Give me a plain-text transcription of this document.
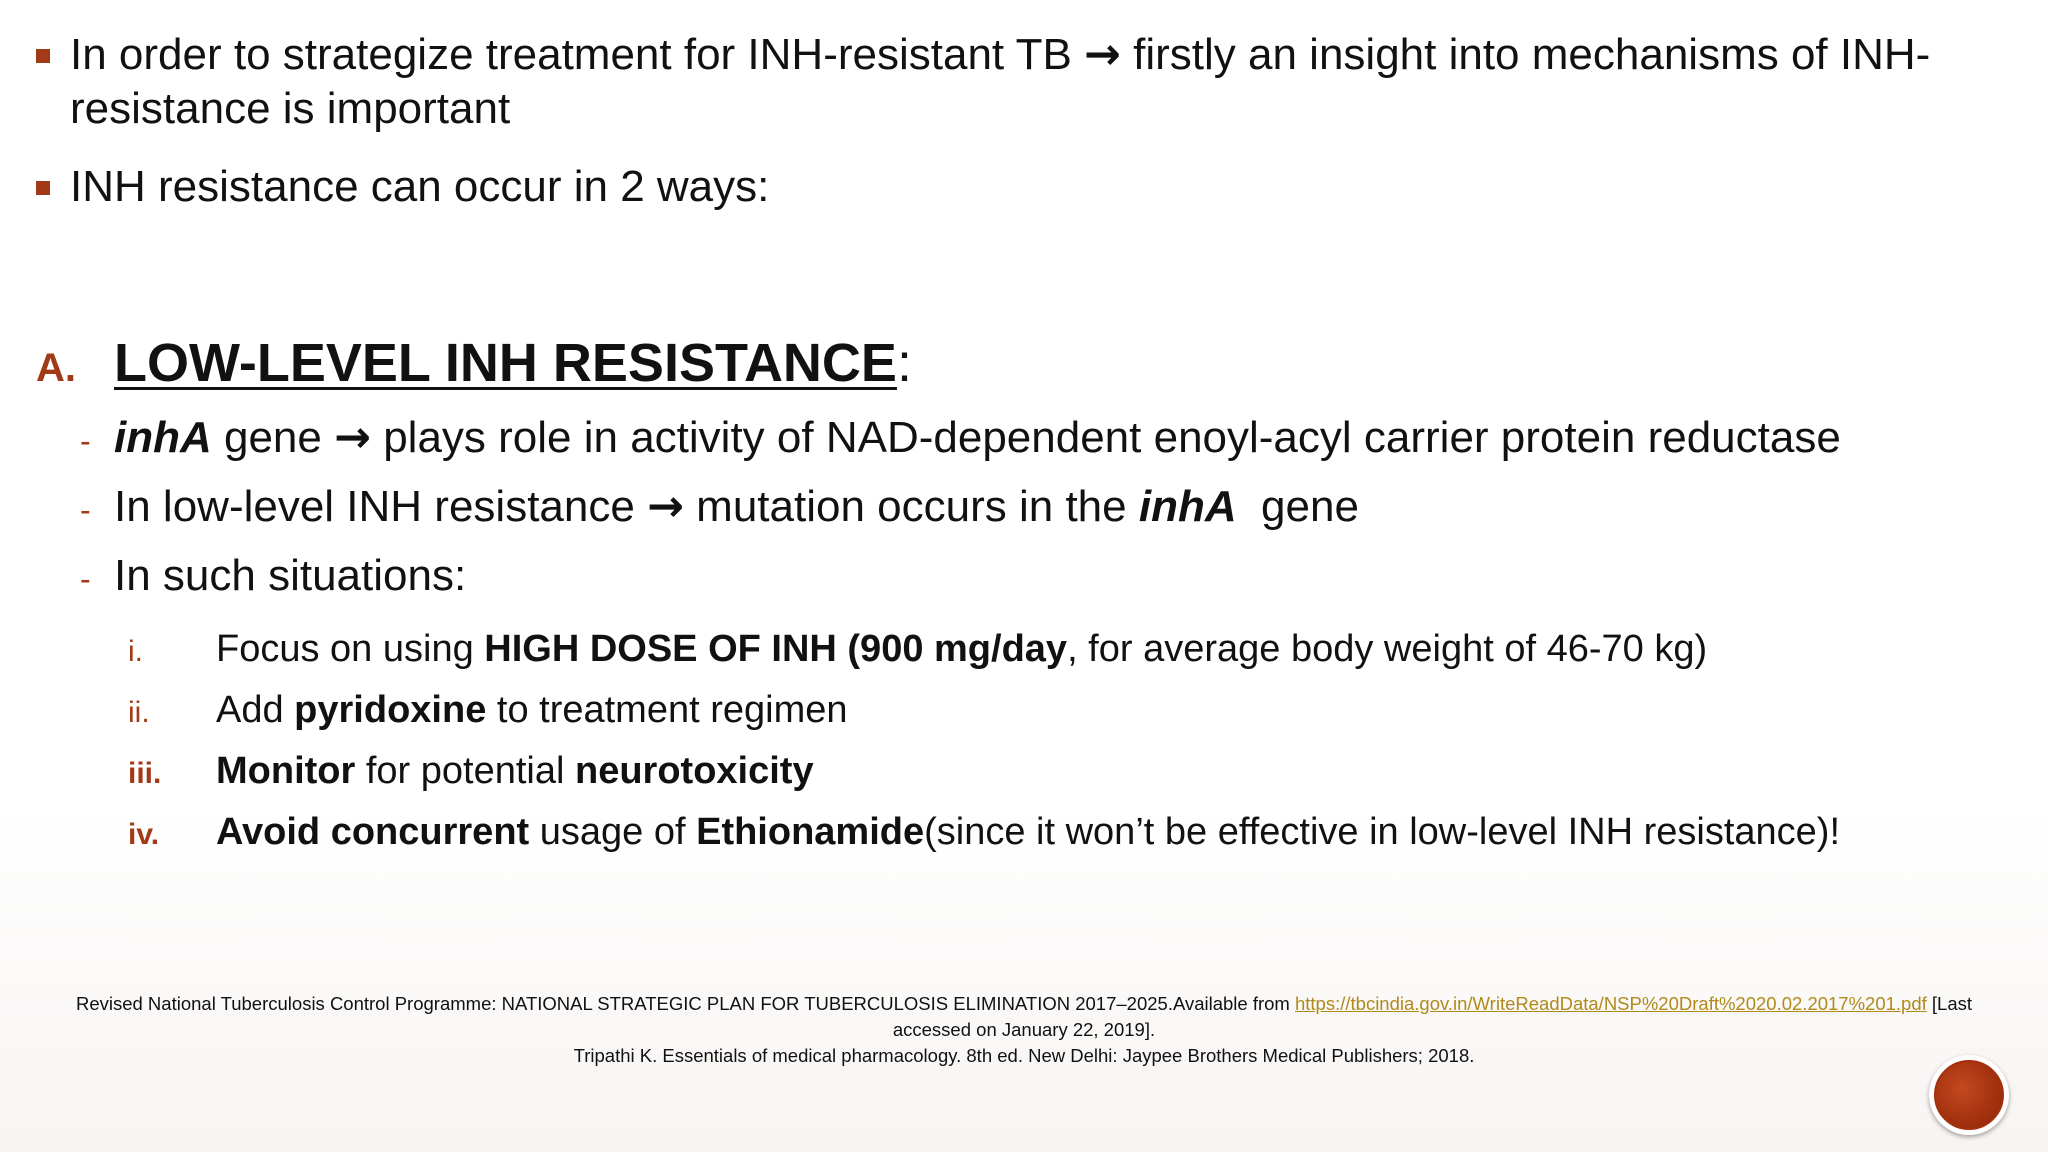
In order to strategize treatment for INH-resistant TB → firstly an insight into mechanisms of INH-resistance is important
INH resistance can occur in 2 ways:
A. LOW-LEVEL INH RESISTANCE :
- inhA gene → plays role in activity of NAD-dependent enoyl-acyl carrier protein reductase
- In low-level INH resistance → mutation occurs in the inhA  gene
- In such situations:
i.	Focus on using HIGH DOSE OF INH (900 mg/day, for average body weight of 46-70 kg)
ii.	Add pyridoxine to treatment regimen
iii.	Monitor for potential neurotoxicity
iv.	Avoid concurrent usage of Ethionamide(since it won’t be effective in low-level INH resistance)!
Revised National Tuberculosis Control Programme: NATIONAL STRATEGIC PLAN FOR TUBERCULOSIS ELIMINATION 2017–2025.Available from https://tbcindia.gov.in/WriteReadData/NSP%20Draft%2020.02.2017%201.pdf [Last accessed on January 22, 2019].
Tripathi K. Essentials of medical pharmacology. 8th ed. New Delhi: Jaypee Brothers Medical Publishers; 2018.
